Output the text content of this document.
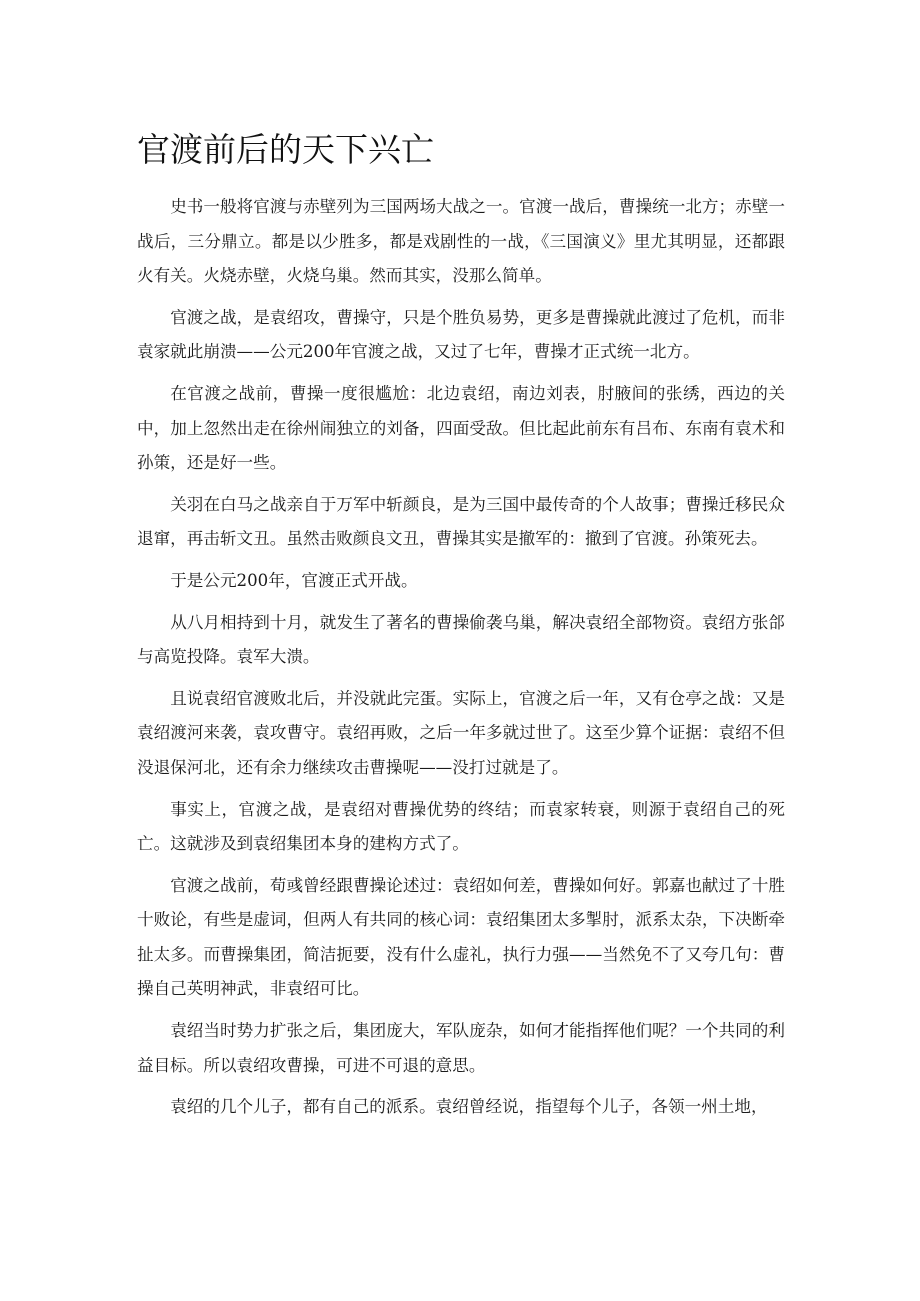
官渡前后的天下兴亡

史书一般将官渡与赤壁列为三国两场大战之一。官渡一战后，曹操统一北方；赤壁一战后，三分鼎立。都是以少胜多，都是戏剧性的一战，《三国演义》里尤其明显，还都跟火有关。火烧赤壁，火烧乌巢。然而其实，没那么简单。

官渡之战，是袁绍攻，曹操守，只是个胜负易势，更多是曹操就此渡过了危机，而非袁家就此崩溃——公元200年官渡之战，又过了七年，曹操才正式统一北方。

在官渡之战前，曹操一度很尴尬：北边袁绍，南边刘表，肘腋间的张绣，西边的关中，加上忽然出走在徐州闹独立的刘备，四面受敌。但比起此前东有吕布、东南有袁术和孙策，还是好一些。

关羽在白马之战亲自于万军中斩颜良，是为三国中最传奇的个人故事；曹操迁移民众退窜，再击斩文丑。虽然击败颜良文丑，曹操其实是撤军的：撤到了官渡。孙策死去。

于是公元200年，官渡正式开战。

从八月相持到十月，就发生了著名的曹操偷袭乌巢，解决袁绍全部物资。袁绍方张郃与高览投降。袁军大溃。

且说袁绍官渡败北后，并没就此完蛋。实际上，官渡之后一年，又有仓亭之战：又是袁绍渡河来袭，袁攻曹守。袁绍再败，之后一年多就过世了。这至少算个证据：袁绍不但没退保河北，还有余力继续攻击曹操呢——没打过就是了。

事实上，官渡之战，是袁绍对曹操优势的终结；而袁家转衰，则源于袁绍自己的死亡。这就涉及到袁绍集团本身的建构方式了。

官渡之战前，荀彧曾经跟曹操论述过：袁绍如何差，曹操如何好。郭嘉也献过了十胜十败论，有些是虚词，但两人有共同的核心词：袁绍集团太多掣肘，派系太杂，下决断牵扯太多。而曹操集团，简洁扼要，没有什么虚礼，执行力强——当然免不了又夸几句：曹操自己英明神武，非袁绍可比。

袁绍当时势力扩张之后，集团庞大，军队庞杂，如何才能指挥他们呢？一个共同的利益目标。所以袁绍攻曹操，可进不可退的意思。

袁绍的几个儿子，都有自己的派系。袁绍曾经说，指望每个儿子，各领一州土地，
